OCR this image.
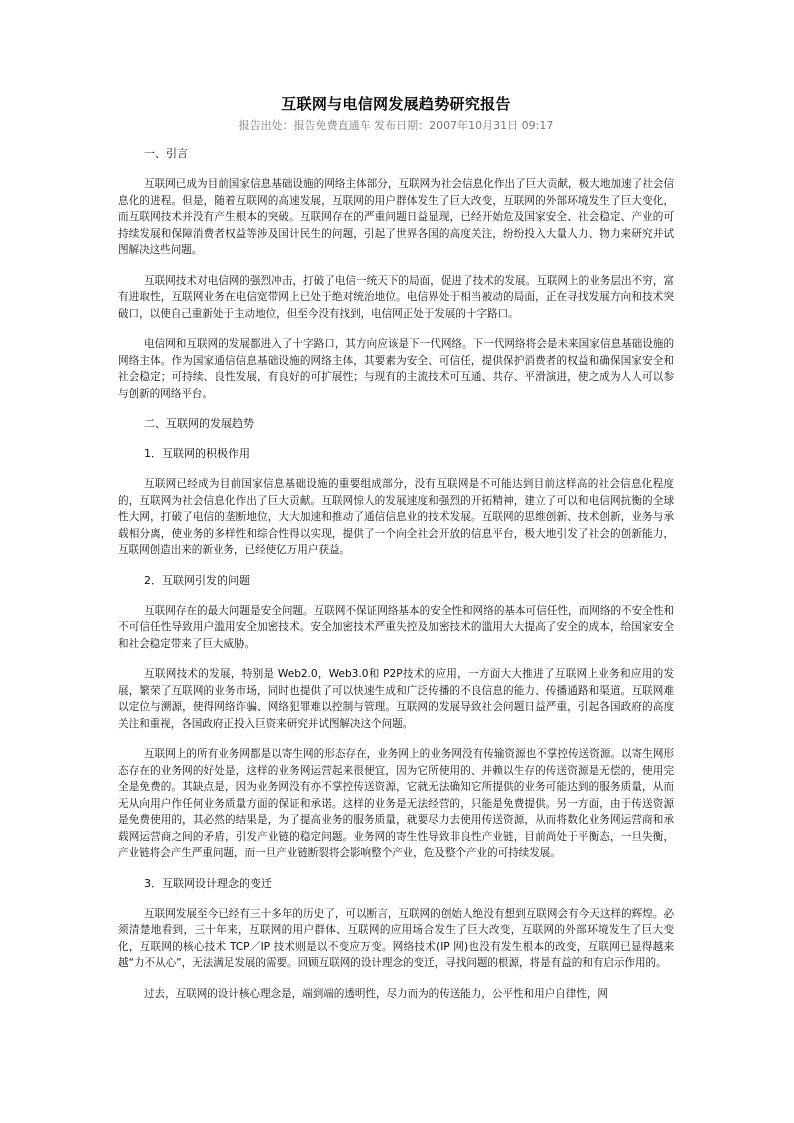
互联网与电信网发展趋势研究报告
报告出处：报告免费直通车 发布日期：2007年10月31日 09:17
一、引言

互联网已成为目前国家信息基础设施的网络主体部分，互联网为社会信息化作出了巨大贡献，极大地加速了社会信息化的进程。但是，随着互联网的高速发展，互联网的用户群体发生了巨大改变，互联网的外部环境发生了巨大变化，而互联网技术并没有产生根本的突破。互联网存在的严重问题日益显现，已经开始危及国家安全、社会稳定、产业的可持续发展和保障消费者权益等涉及国计民生的问题，引起了世界各国的高度关注，纷纷投入大量人力、物力来研究并试图解决这些问题。

互联网技术对电信网的强烈冲击，打破了电信一统天下的局面，促进了技术的发展。互联网上的业务层出不穷，富有进取性，互联网业务在电信宽带网上已处于绝对统治地位。电信界处于相当被动的局面，正在寻找发展方向和技术突破口，以使自己重新处于主动地位，但至今没有找到，电信网正处于发展的十字路口。

电信网和互联网的发展都进入了十字路口，其方向应该是下一代网络。下一代网络将会是未来国家信息基础设施的网络主体。作为国家通信信息基础设施的网络主体，其要素为安全、可信任，提供保护消费者的权益和确保国家安全和社会稳定；可持续、良性发展，有良好的可扩展性；与现有的主流技术可互通、共存、平滑演进，使之成为人人可以参与创新的网络平台。

二、互联网的发展趋势
1．互联网的积极作用

互联网已经成为目前国家信息基础设施的重要组成部分，没有互联网是不可能达到目前这样高的社会信息化程度的，互联网为社会信息化作出了巨大贡献。互联网惊人的发展速度和强烈的开拓精神，建立了可以和电信网抗衡的全球性大网，打破了电信的垄断地位，大大加速和推动了通信信息业的技术发展。互联网的思维创新、技术创新，业务与承载相分离，使业务的多样性和综合性得以实现，提供了一个向全社会开放的信息平台，极大地引发了社会的创新能力，互联网创造出来的新业务，已经使亿万用户获益。

2．互联网引发的问题

互联网存在的最大问题是安全问题。互联网不保证网络基本的安全性和网络的基本可信任性，而网络的不安全性和不可信任性导致用户滥用安全加密技术。安全加密技术严重失控及加密技术的滥用大大提高了安全的成本，给国家安全和社会稳定带来了巨大威胁。

互联网技术的发展，特别是 Web2.0，Web3.0和 P2P技术的应用，一方面大大推进了互联网上业务和应用的发展，繁荣了互联网的业务市场，同时也提供了可以快速生成和广泛传播的不良信息的能力、传播通路和渠道。互联网难以定位与溯源，使得网络诈骗、网络犯罪难以控制与管理。互联网的发展导致社会问题日益严重，引起各国政府的高度关注和重视，各国政府正投入巨资来研究并试图解决这个问题。

互联网上的所有业务网都是以寄生网的形态存在，业务网上的业务网没有传输资源也不掌控传送资源。以寄生网形态存在的业务网的好处是，这样的业务网运营起来很便宜，因为它所使用的、并赖以生存的传送资源是无偿的，使用完全是免费的。其缺点是，因为业务网没有亦不掌控传送资源，它就无法确知它所提供的业务可能达到的服务质量，从而无从向用户作任何业务质量方面的保证和承诺。这样的业务是无法经营的，只能是免费提供。另一方面，由于传送资源是免费使用的，其必然的结果是，为了提高业务的服务质量，就要尽力去使用传送资源，从而将数化业务网运营商和承载网运营商之间的矛盾，引发产业链的稳定问题。业务网的寄生性导致非良性产业链，目前尚处于平衡态，一旦失衡，产业链将会产生严重问题，而一旦产业链断裂将会影响整个产业，危及整个产业的可持续发展。

3．互联网设计理念的变迁

互联网发展至今已经有三十多年的历史了，可以断言，互联网的创始人绝没有想到互联网会有今天这样的辉煌。必须清楚地看到，三十年来，互联网的用户群体、互联网的应用场合发生了巨大改变，互联网的外部环境发生了巨大变化，互联网的核心技术 TCP／IP 技术则是以不变应万变。网络技术(IP 网)也没有发生根本的改变，互联网已显得越来越“力不从心”，无法满足发展的需要。回顾互联网的设计理念的变迁，寻找问题的根源，将是有益的和有启示作用的。

过去，互联网的设计核心理念是，端到端的透明性，尽力而为的传送能力，公平性和用户自律性，网
